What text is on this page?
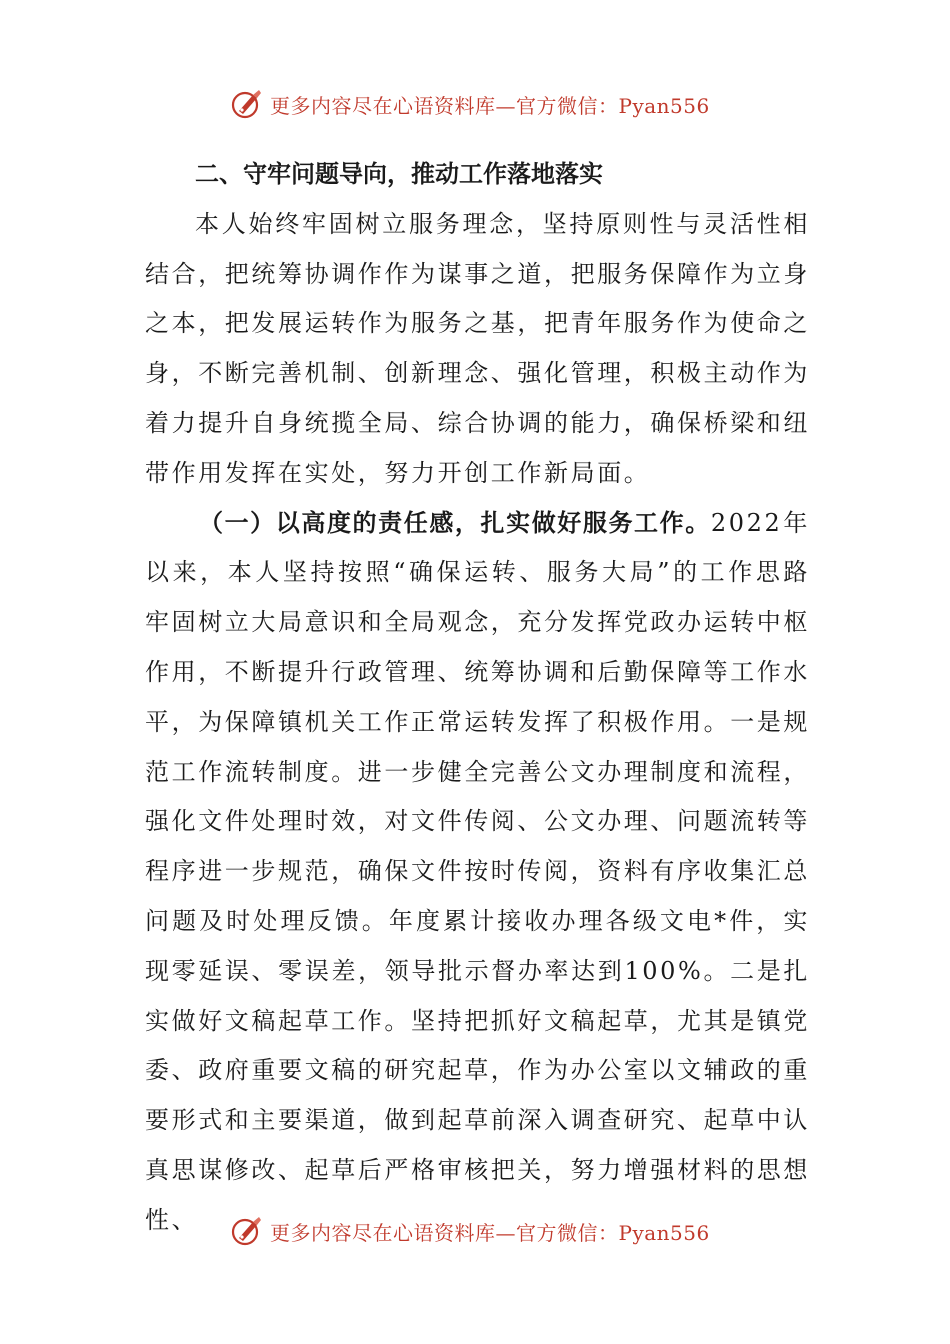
更多内容尽在心语资料库—官方微信：Pyan556
二、守牢问题导向，推动工作落地落实

本人始终牢固树立服务理念，坚持原则性与灵活性相结合，把统筹协调作作为谋事之道，把服务保障作为立身之本，把发展运转作为服务之基，把青年服务作为使命之身，不断完善机制、创新理念、强化管理，积极主动作为着力提升自身统揽全局、综合协调的能力，确保桥梁和纽带作用发挥在实处，努力开创工作新局面。

（一）以高度的责任感，扎实做好服务工作。2022年以来，本人坚持按照“确保运转、服务大局”的工作思路牢固树立大局意识和全局观念，充分发挥党政办运转中枢作用，不断提升行政管理、统筹协调和后勤保障等工作水平，为保障镇机关工作正常运转发挥了积极作用。一是规范工作流转制度。进一步健全完善公文办理制度和流程，强化文件处理时效，对文件传阅、公文办理、问题流转等程序进一步规范，确保文件按时传阅，资料有序收集汇总问题及时处理反馈。年度累计接收办理各级文电*件，实现零延误、零误差，领导批示督办率达到100%。二是扎实做好文稿起草工作。坚持把抓好文稿起草，尤其是镇党委、政府重要文稿的研究起草，作为办公室以文辅政的重要形式和主要渠道，做到起草前深入调查研究、起草中认真思谋修改、起草后严格审核把关，努力增强材料的思想性、	更多内容尽在心语资料库—官方微信：Pyan556
